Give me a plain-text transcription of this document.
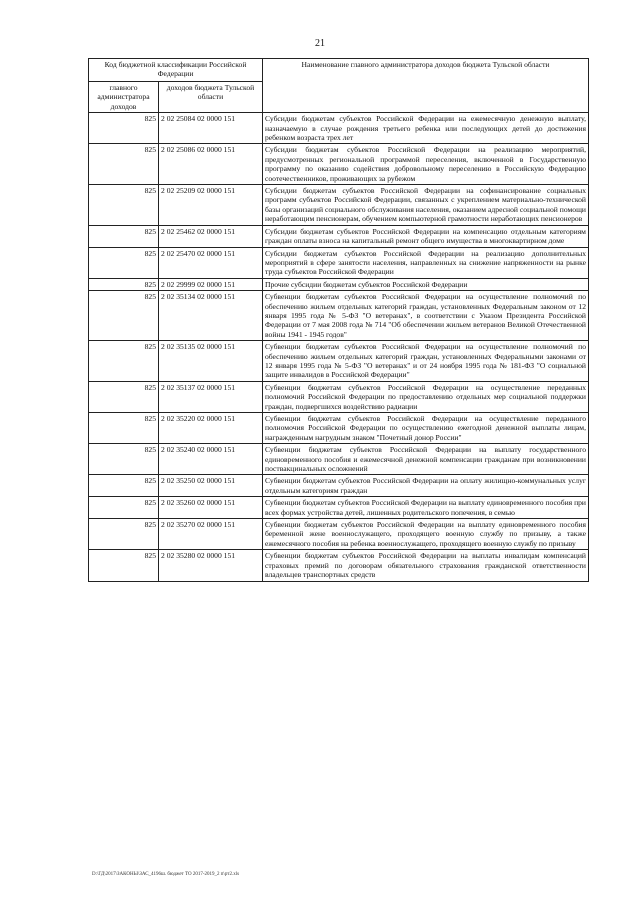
21
Код бюджетной классификации Российской Федерации		Наименование главного администратора доходов бюджета Тульской области
главного администратора доходов	доходов бюджета Тульской области	
825	2 02 25084 02 0000 151	Субсидии бюджетам субъектов Российской Федерации на ежемесячную денежную выплату, назначаемую в случае рождения третьего ребенка или последующих детей до достижения ребенком возраста трех лет
825	2 02 25086 02 0000 151	Субсидии бюджетам субъектов Российской Федерации на реализацию мероприятий, предусмотренных региональной программой переселения, включенной в Государственную программу по оказанию содействия добровольному переселению в Российскую Федерацию соотечественников, проживающих за рубежом
825	2 02 25209 02 0000 151	Субсидии бюджетам субъектов Российской Федерации на софинансирование социальных программ субъектов Российской Федерации, связанных с укреплением материально-технической базы организаций социального обслуживания населения, оказанием адресной социальной помощи неработающим пенсионерам, обучением компьютерной грамотности неработающих пенсионеров
825	2 02 25462 02 0000 151	Субсидии бюджетам субъектов Российской Федерации на компенсацию отдельным категориям граждан оплаты взноса на капитальный ремонт общего имущества в многоквартирном доме
825	2 02 25470 02 0000 151	Субсидии бюджетам субъектов Российской Федерации на реализацию дополнительных мероприятий в сфере занятости населения, направленных на снижение напряженности на рынке труда субъектов Российской Федерации
825	2 02 29999 02 0000 151	Прочие субсидии бюджетам субъектов Российской Федерации
825	2 02 35134 02 0000 151	Субвенции бюджетам субъектов Российской Федерации на осуществление полномочий по обеспечению жильем отдельных категорий граждан, установленных Федеральным законом от 12 января 1995 года № 5-ФЗ "О ветеранах", в соответствии с Указом Президента Российской Федерации от 7 мая 2008 года № 714 "Об обеспечении жильем ветеранов Великой Отечественной войны 1941 - 1945 годов"
825	2 02 35135 02 0000 151	Субвенции бюджетам субъектов Российской Федерации на осуществление полномочий по обеспечению жильем отдельных категорий граждан, установленных Федеральными законами от 12 января 1995 года № 5-ФЗ "О ветеранах" и от 24 ноября 1995 года № 181-ФЗ "О социальной защите инвалидов в Российской Федерации"
825	2 02 35137 02 0000 151	Субвенции бюджетам субъектов Российской Федерации на осуществление переданных полномочий Российской Федерации по предоставлению отдельных мер социальной поддержки граждан, подвергшихся воздействию радиации
825	2 02 35220 02 0000 151	Субвенции бюджетам субъектов Российской Федерации на осуществление переданного полномочия Российской Федерации по осуществлению ежегодной денежной выплаты лицам, награжденным нагрудным знаком "Почетный донор России"
825	2 02 35240 02 0000 151	Субвенции бюджетам субъектов Российской Федерации на выплату государственного единовременного пособия и ежемесячной денежной компенсации гражданам при возникновении поствакцинальных осложнений
825	2 02 35250 02 0000 151	Субвенции бюджетам субъектов Российской Федерации на оплату жилищно-коммунальных услуг отдельным категориям граждан
825	2 02 35260 02 0000 151	Субвенции бюджетам субъектов Российской Федерации на выплату единовременного пособия при всех формах устройства детей, лишенных родительского попечения, в семью
825	2 02 35270 02 0000 151	Субвенции бюджетам субъектов Российской Федерации на выплату единовременного пособия беременной жене военнослужащего, проходящего военную службу по призыву, а также ежемесячного пособия на ребенка военнослужащего, проходящего военную службу по призыву
825	2 02 35280 02 0000 151	Субвенции бюджетам субъектов Российской Федерации на выплаты инвалидам компенсаций страховых премий по договорам обязательного страхования гражданской ответственности владельцев транспортных средств
D:\ГД\2017\ЗАКОНЫ\ЗАС_4196ш. бюджет ТО 2017-2019_2 п\рт2.xls
